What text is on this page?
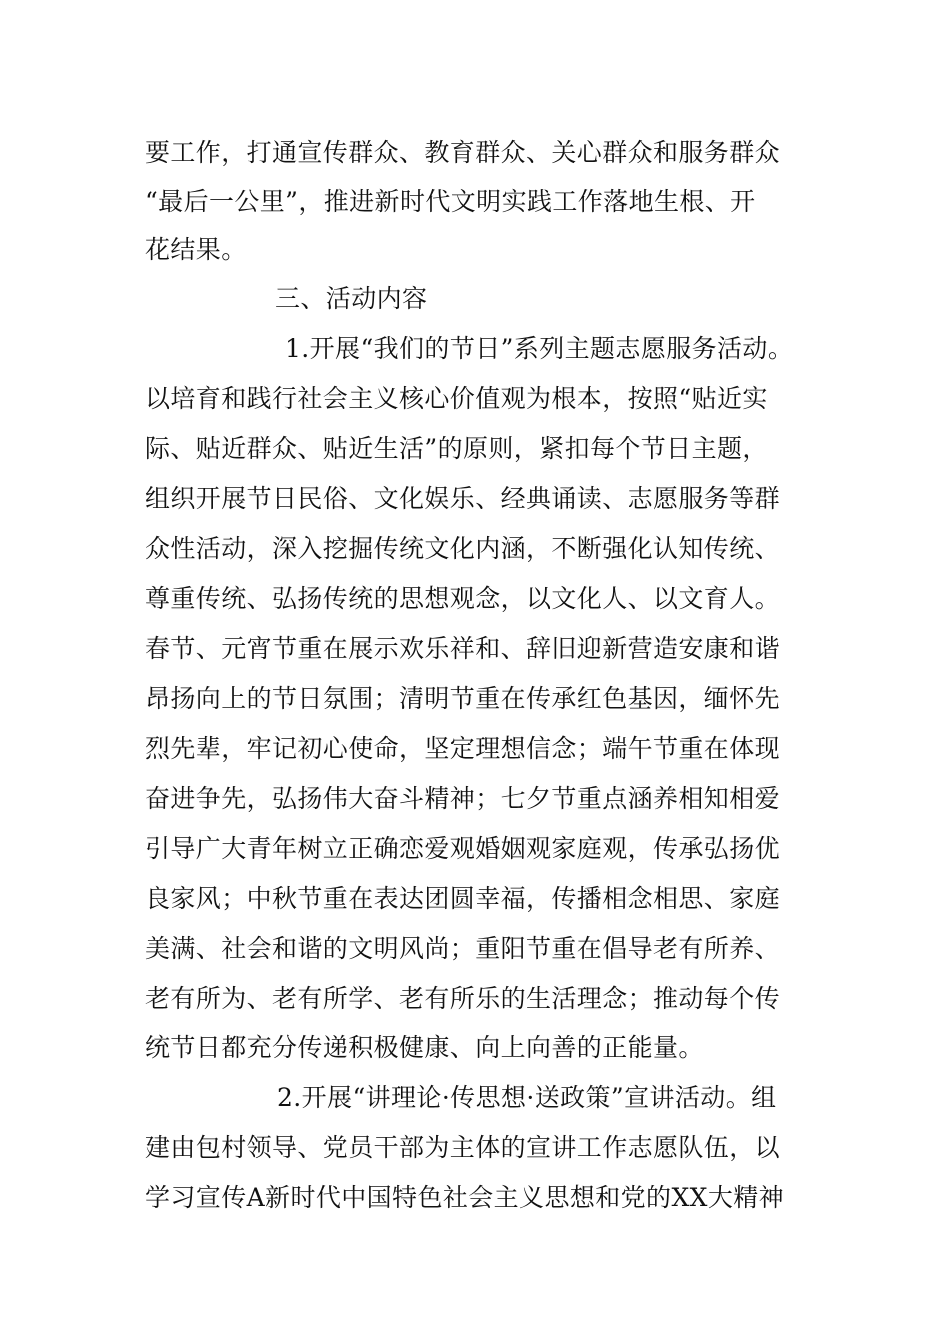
要工作，打通宣传群众、教育群众、关心群众和服务群众
“最后一公里”，推进新时代文明实践工作落地生根、开
花结果。
三、活动内容
1.开展“我们的节日”系列主题志愿服务活动。
以培育和践行社会主义核心价值观为根本，按照“贴近实
际、贴近群众、贴近生活”的原则，紧扣每个节日主题，
组织开展节日民俗、文化娱乐、经典诵读、志愿服务等群
众性活动，深入挖掘传统文化内涵，不断强化认知传统、
尊重传统、弘扬传统的思想观念，以文化人、以文育人。
春节、元宵节重在展示欢乐祥和、辞旧迎新营造安康和谐
昂扬向上的节日氛围；清明节重在传承红色基因，缅怀先
烈先辈，牢记初心使命，坚定理想信念；端午节重在体现
奋进争先，弘扬伟大奋斗精神；七夕节重点涵养相知相爱
引导广大青年树立正确恋爱观婚姻观家庭观，传承弘扬优
良家风；中秋节重在表达团圆幸福，传播相念相思、家庭
美满、社会和谐的文明风尚；重阳节重在倡导老有所养、
老有所为、老有所学、老有所乐的生活理念；推动每个传
统节日都充分传递积极健康、向上向善的正能量。
2.开展“讲理论·传思想·送政策”宣讲活动。组
建由包村领导、党员干部为主体的宣讲工作志愿队伍，以
学习宣传A新时代中国特色社会主义思想和党的XX大精神
